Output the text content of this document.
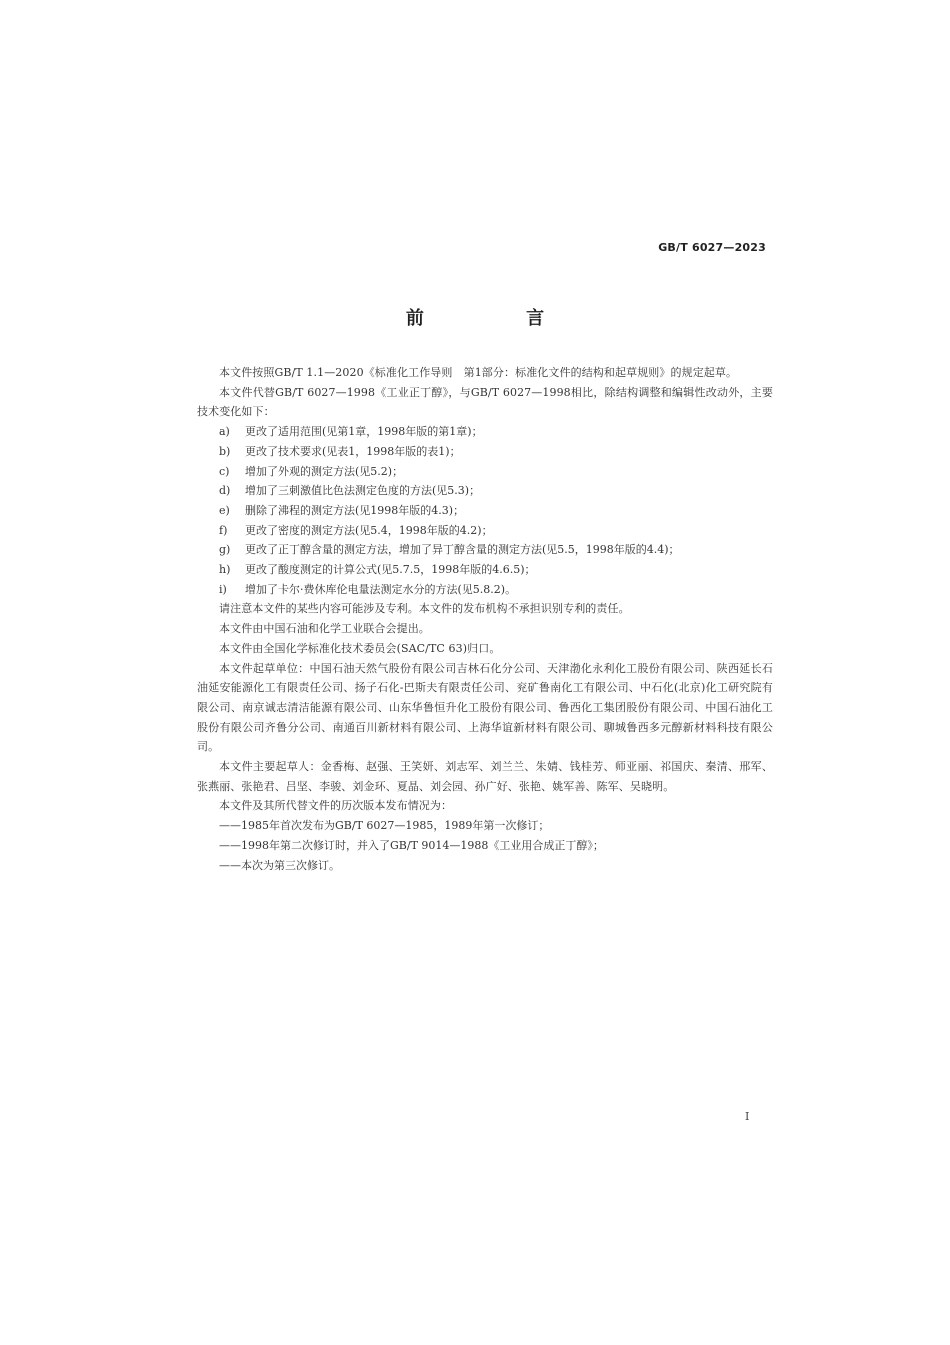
GB/T 6027—2023
前 言

本文件按照GB/T 1.1—2020《标准化工作导则　第1部分：标准化文件的结构和起草规则》的规定起草。

本文件代替GB/T 6027—1998《工业正丁醇》，与GB/T 6027—1998相比，除结构调整和编辑性改动外，主要技术变化如下：

a)	更改了适用范围(见第1章，1998年版的第1章)；
b)	更改了技术要求(见表1，1998年版的表1)；
c)	增加了外观的测定方法(见5.2)；
d)	增加了三刺激值比色法测定色度的方法(见5.3)；
e)	删除了沸程的测定方法(见1998年版的4.3)；
f)	更改了密度的测定方法(见5.4，1998年版的4.2)；
g)	更改了正丁醇含量的测定方法，增加了异丁醇含量的测定方法(见5.5，1998年版的4.4)；
h)	更改了酸度测定的计算公式(见5.7.5，1998年版的4.6.5)；
i)	增加了卡尔·费休库伦电量法测定水分的方法(见5.8.2)。

请注意本文件的某些内容可能涉及专利。本文件的发布机构不承担识别专利的责任。

本文件由中国石油和化学工业联合会提出。

本文件由全国化学标准化技术委员会(SAC/TC 63)归口。

本文件起草单位：中国石油天然气股份有限公司吉林石化分公司、天津渤化永利化工股份有限公司、陕西延长石油延安能源化工有限责任公司、扬子石化-巴斯夫有限责任公司、兖矿鲁南化工有限公司、中石化(北京)化工研究院有限公司、南京诚志清洁能源有限公司、山东华鲁恒升化工股份有限公司、鲁西化工集团股份有限公司、中国石油化工股份有限公司齐鲁分公司、南通百川新材料有限公司、上海华谊新材料有限公司、聊城鲁西多元醇新材料科技有限公司。

本文件主要起草人：金香梅、赵强、王笑妍、刘志军、刘兰兰、朱婧、钱桂芳、师亚丽、祁国庆、秦清、邢军、张燕丽、张艳君、吕坚、李骏、刘金环、夏晶、刘会园、孙广好、张艳、姚军善、陈军、吴晓明。

本文件及其所代替文件的历次版本发布情况为：

——1985年首次发布为GB/T 6027—1985，1989年第一次修订；

——1998年第二次修订时，并入了GB/T 9014—1988《工业用合成正丁醇》；

——本次为第三次修订。

I
